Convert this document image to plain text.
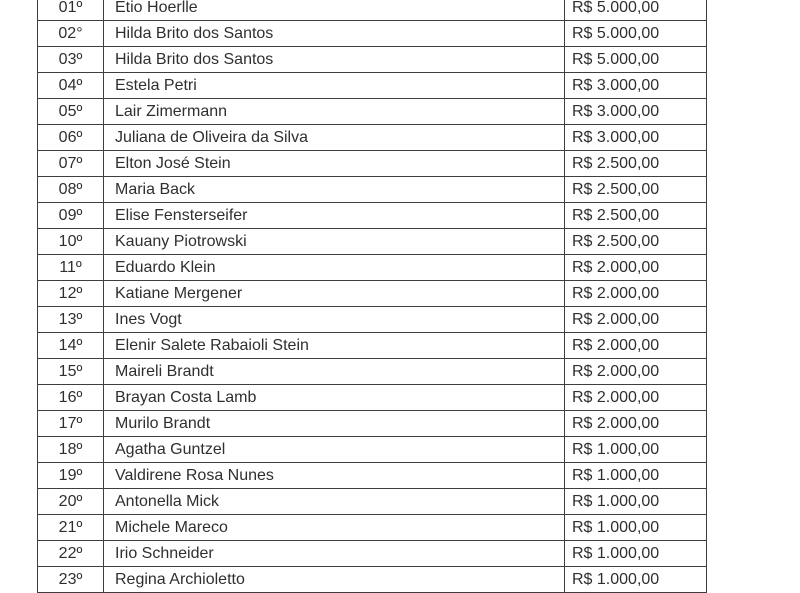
01º	Etio Hoerlle	R$ 5.000,00
02°	Hilda Brito dos Santos	R$ 5.000,00
03º	Hilda Brito dos Santos	R$ 5.000,00
04º	Estela Petri	R$ 3.000,00
05º	Lair Zimermann	R$ 3.000,00
06º	Juliana de Oliveira da Silva	R$ 3.000,00
07º	Elton José Stein	R$ 2.500,00
08º	Maria Back	R$ 2.500,00
09º	Elise Fensterseifer	R$ 2.500,00
10º	Kauany Piotrowski	R$ 2.500,00
11º	Eduardo Klein	R$ 2.000,00
12º	Katiane Mergener	R$ 2.000,00
13º	Ines Vogt	R$ 2.000,00
14º	Elenir Salete Rabaioli Stein	R$ 2.000,00
15º	Maireli Brandt	R$ 2.000,00
16º	Brayan Costa Lamb	R$ 2.000,00
17º	Murilo Brandt	R$ 2.000,00
18º	Agatha Guntzel	R$ 1.000,00
19º	Valdirene Rosa Nunes	R$ 1.000,00
20º	Antonella Mick	R$ 1.000,00
21º	Michele Mareco	R$ 1.000,00
22º	Irio Schneider	R$ 1.000,00
23º	Regina Archioletto	R$ 1.000,00
